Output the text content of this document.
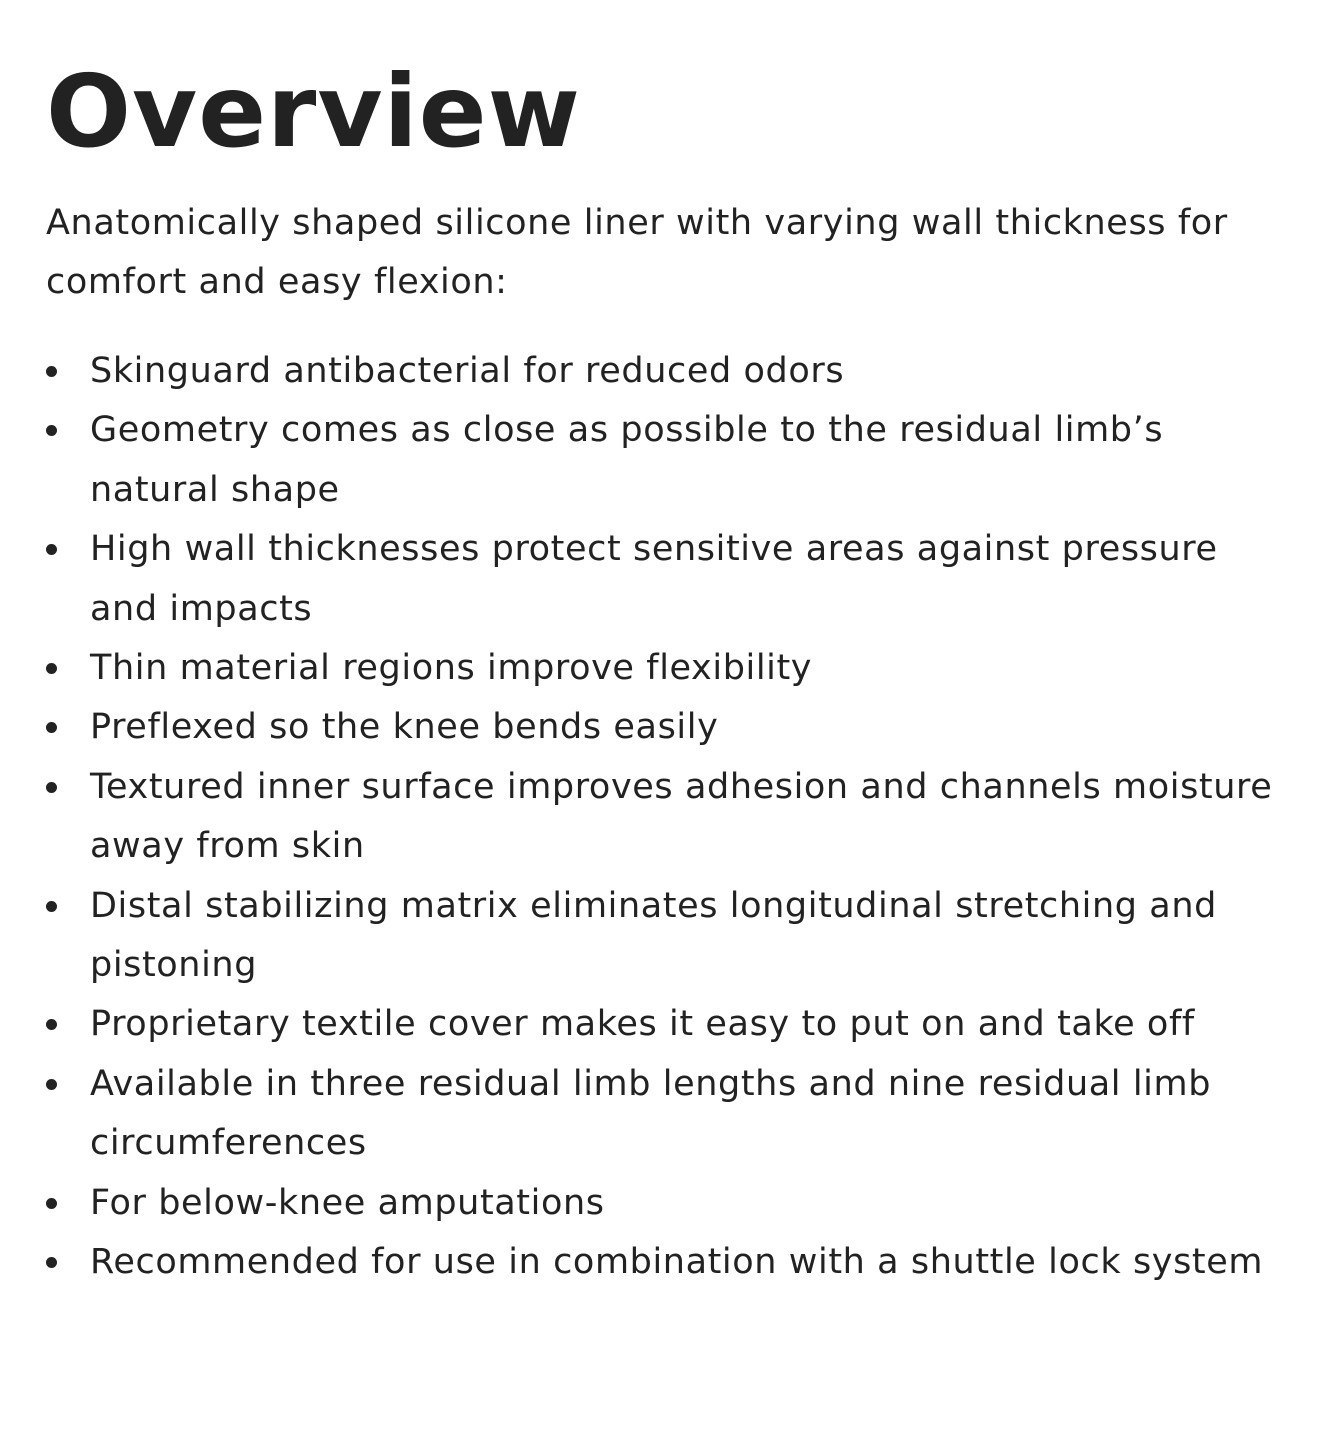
Overview

Anatomically shaped silicone liner with varying wall thickness for comfort and easy flexion:

Skinguard antibacterial for reduced odors
Geometry comes as close as possible to the residual limb’s natural shape
High wall thicknesses protect sensitive areas against pressure and impacts
Thin material regions improve flexibility
Preflexed so the knee bends easily
Textured inner surface improves adhesion and channels moisture away from skin
Distal stabilizing matrix eliminates longitudinal stretching and pistoning
Proprietary textile cover makes it easy to put on and take off
Available in three residual limb lengths and nine residual limb circumferences
For below-knee amputations
Recommended for use in combination with a shuttle lock system
